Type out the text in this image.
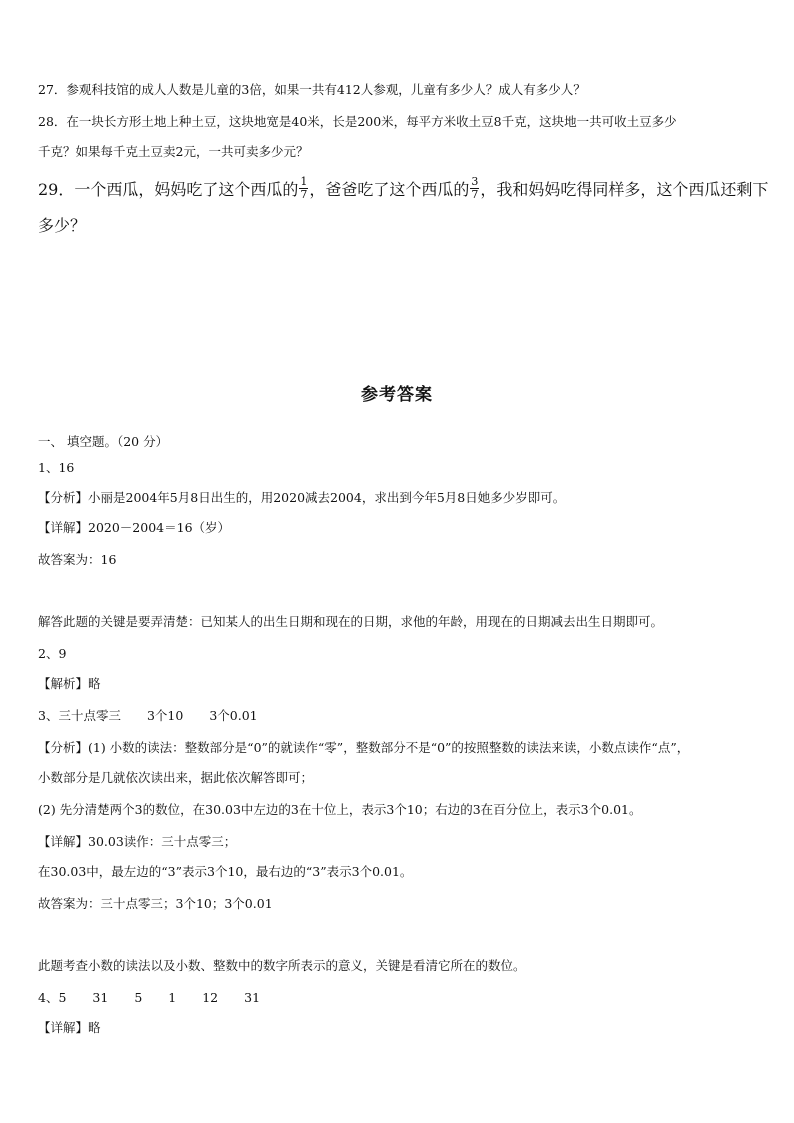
27．参观科技馆的成人人数是儿童的3倍，如果一共有412人参观，儿童有多少人？成人有多少人？
28．在一块长方形土地上种土豆，这块地宽是40米，长是200米，每平方米收土豆8千克，这块地一共可收土豆多少
千克？如果每千克土豆卖2元，一共可卖多少元？
29．一个西瓜，妈妈吃了这个西瓜的 $\frac{1}{7}$ ，爸爸吃了这个西瓜的 $\frac{3}{7}$ ，我和妈妈吃得同样多，这个西瓜还剩下
多少？
参考答案
一、 填空题。（20 分）
1、16
【分析】小丽是2004年5月8日出生的，用2020减去2004，求出到今年5月8日她多少岁即可。
【详解】2020－2004＝16（岁）
故答案为：16
解答此题的关键是要弄清楚：已知某人的出生日期和现在的日期，求他的年龄，用现在的日期减去出生日期即可。
2、9
【解析】略
3、三十点零三 3个10 3个0.01
【分析】(1) 小数的读法：整数部分是“0”的就读作“零”，整数部分不是“0”的按照整数的读法来读，小数点读作“点”，
小数部分是几就依次读出来，据此依次解答即可；
(2) 先分清楚两个3的数位，在30.03中左边的3在十位上，表示3个10；右边的3在百分位上，表示3个0.01。
【详解】30.03读作：三十点零三；
在30.03中，最左边的“3”表示3个10，最右边的“3”表示3个0.01。
故答案为：三十点零三；3个10；3个0.01
此题考查小数的读法以及小数、整数中的数字所表示的意义，关键是看清它所在的数位。
4、5 31 5 1 12 31
【详解】略
